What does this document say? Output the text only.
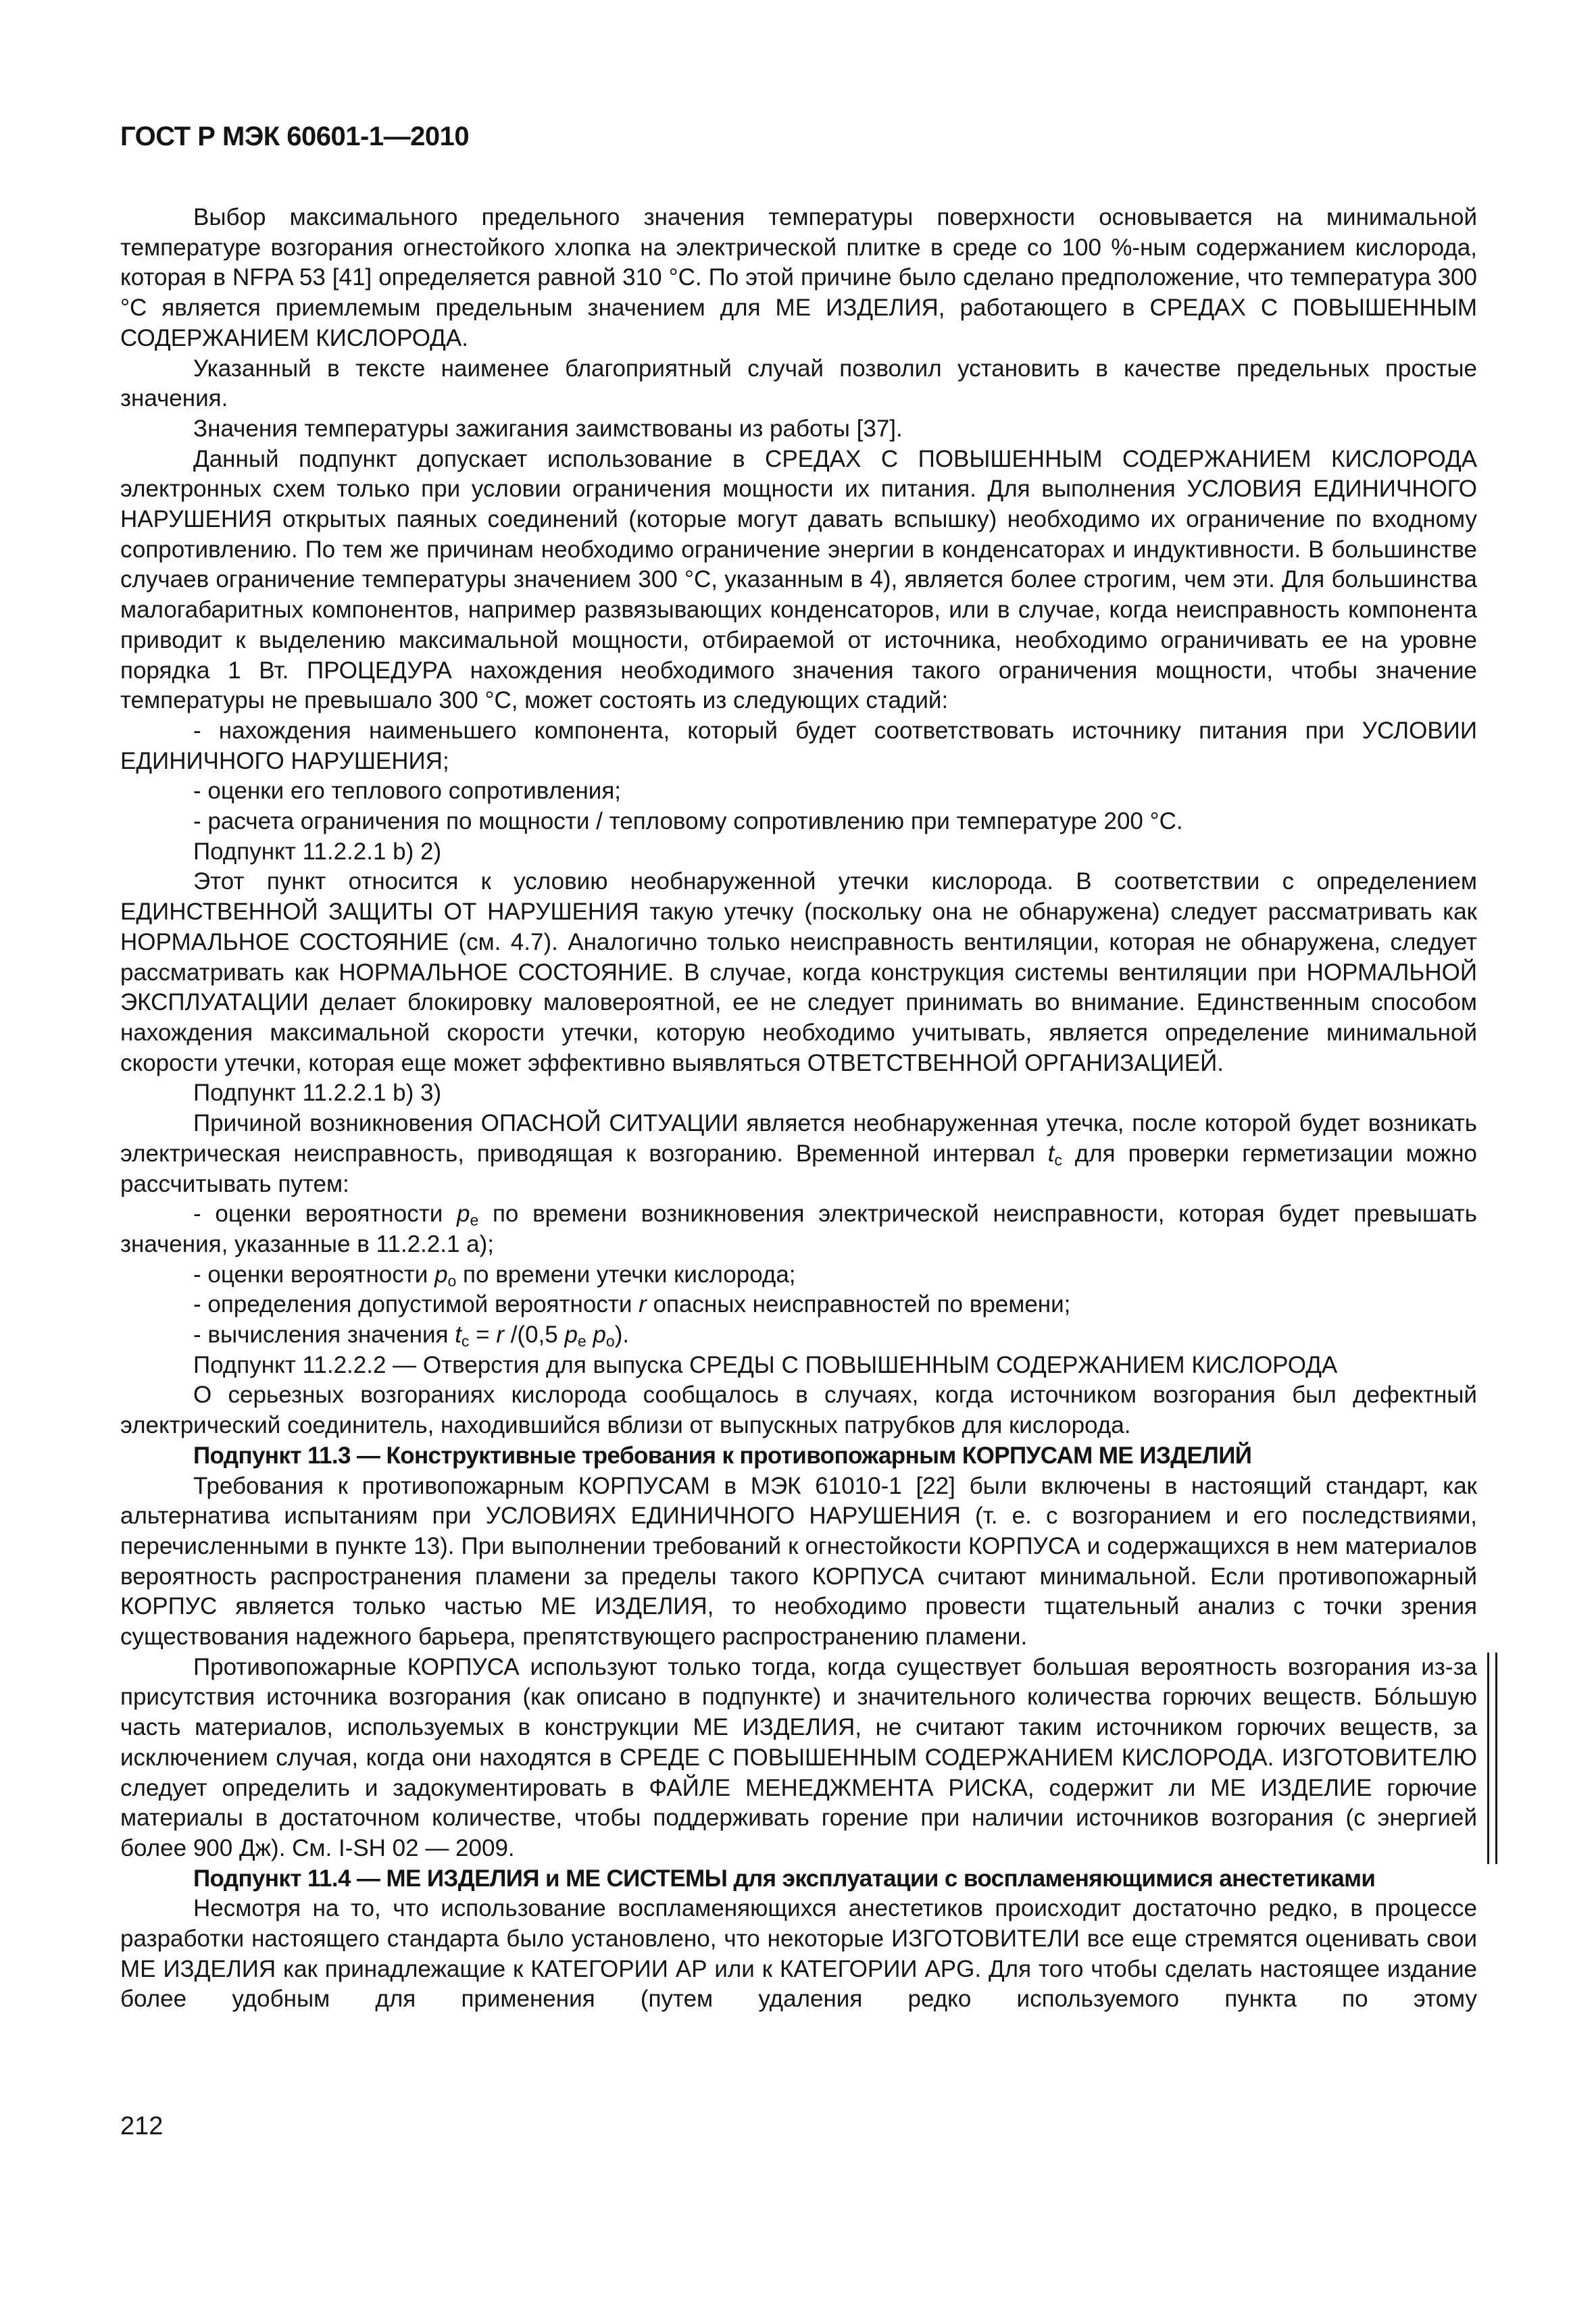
ГОСТ Р МЭК 60601-1—2010

Выбор максимального предельного значения температуры поверхности основывается на минимальной температуре возгорания огнестойкого хлопка на электрической плитке в среде со 100 %-ным содержанием кислорода, которая в NFPA 53 [41] определяется равной 310 °С. По этой причине было сделано предположение, что температура 300 °С является приемлемым предельным значением для МЕ ИЗДЕЛИЯ, работающего в СРЕДАХ С ПОВЫШЕННЫМ СОДЕРЖАНИЕМ КИСЛОРОДА.

Указанный в тексте наименее благоприятный случай позволил установить в качестве предельных простые значения.

Значения температуры зажигания заимствованы из работы [37].

Данный подпункт допускает использование в СРЕДАХ С ПОВЫШЕННЫМ СОДЕРЖАНИЕМ КИСЛОРОДА электронных схем только при условии ограничения мощности их питания. Для выполнения УСЛОВИЯ ЕДИНИЧНОГО НАРУШЕНИЯ открытых паяных соединений (которые могут давать вспышку) необходимо их ограничение по входному сопротивлению. По тем же причинам необходимо ограничение энергии в конденсаторах и индуктивности. В большинстве случаев ограничение температуры значением 300 °С, указанным в 4), является более строгим, чем эти. Для большинства малогабаритных компонентов, например развязывающих конденсаторов, или в случае, когда неисправность компонента приводит к выделению максимальной мощности, отбираемой от источника, необходимо ограничивать ее на уровне порядка 1 Вт. ПРОЦЕДУРА нахождения необходимого значения такого ограничения мощности, чтобы значение температуры не превышало 300 °С, может состоять из следующих стадий:

- нахождения наименьшего компонента, который будет соответствовать источнику питания при УСЛОВИИ ЕДИНИЧНОГО НАРУШЕНИЯ;

- оценки его теплового сопротивления;

- расчета ограничения по мощности / тепловому сопротивлению при температуре 200 °С.

Подпункт 11.2.2.1 b) 2)

Этот пункт относится к условию необнаруженной утечки кислорода. В соответствии с определением ЕДИНСТВЕННОЙ ЗАЩИТЫ ОТ НАРУШЕНИЯ такую утечку (поскольку она не обнаружена) следует рассматривать как НОРМАЛЬНОЕ СОСТОЯНИЕ (см. 4.7). Аналогично только неисправность вентиляции, которая не обнаружена, следует рассматривать как НОРМАЛЬНОЕ СОСТОЯНИЕ. В случае, когда конструкция системы вентиляции при НОРМАЛЬНОЙ ЭКСПЛУАТАЦИИ делает блокировку маловероятной, ее не следует принимать во внимание. Единственным способом нахождения максимальной скорости утечки, которую необходимо учитывать, является определение минимальной скорости утечки, которая еще может эффективно выявляться ОТВЕТСТВЕННОЙ ОРГАНИЗАЦИЕЙ.

Подпункт 11.2.2.1 b) 3)

Причиной возникновения ОПАСНОЙ СИТУАЦИИ является необнаруженная утечка, после которой будет возникать электрическая неисправность, приводящая к возгоранию. Временной интервал $t_c$ для проверки герметизации можно рассчитывать путем:

- оценки вероятности $p_e$ по времени возникновения электрической неисправности, которая будет превышать значения, указанные в 11.2.2.1 а);

- оценки вероятности $p_o$ по времени утечки кислорода;

- определения допустимой вероятности r опасных неисправностей по времени;

- вычисления значения $t_c = r$ /(0,5 $p_e$ $p_o$).

Подпункт 11.2.2.2 — Отверстия для выпуска СРЕДЫ С ПОВЫШЕННЫМ СОДЕРЖАНИЕМ КИСЛОРОДА

О серьезных возгораниях кислорода сообщалось в случаях, когда источником возгорания был дефектный электрический соединитель, находившийся вблизи от выпускных патрубков для кислорода.

Подпункт 11.3 — Конструктивные требования к противопожарным КОРПУСАМ МЕ ИЗДЕЛИЙ

Требования к противопожарным КОРПУСАМ в МЭК 61010-1 [22] были включены в настоящий стандарт, как альтернатива испытаниям при УСЛОВИЯХ ЕДИНИЧНОГО НАРУШЕНИЯ (т. е. с возгоранием и его последствиями, перечисленными в пункте 13). При выполнении требований к огнестойкости КОРПУСА и содержащихся в нем материалов вероятность распространения пламени за пределы такого КОРПУСА считают минимальной. Если противопожарный КОРПУС является только частью МЕ ИЗДЕЛИЯ, то необходимо провести тщательный анализ с точки зрения существования надежного барьера, препятствующего распространению пламени.

Противопожарные КОРПУСА используют только тогда, когда существует большая вероятность возгорания из-за присутствия источника возгорания (как описано в подпункте) и значительного количества горючих веществ. Бóльшую часть материалов, используемых в конструкции МЕ ИЗДЕЛИЯ, не считают таким источником горючих веществ, за исключением случая, когда они находятся в СРЕДЕ С ПОВЫШЕННЫМ СОДЕРЖАНИЕМ КИСЛОРОДА. ИЗГОТОВИТЕЛЮ следует определить и задокументировать в ФАЙЛЕ МЕНЕДЖМЕНТА РИСКА, содержит ли МЕ ИЗДЕЛИЕ горючие материалы в достаточном количестве, чтобы поддерживать горение при наличии источников возгорания (с энергией более 900 Дж). См. I-SH 02 — 2009.

Подпункт 11.4 — МЕ ИЗДЕЛИЯ и МЕ СИСТЕМЫ для эксплуатации с воспламеняющимися анестетиками

Несмотря на то, что использование воспламеняющихся анестетиков происходит достаточно редко, в процессе разработки настоящего стандарта было установлено, что некоторые ИЗГОТОВИТЕЛИ все еще стремятся оценивать свои МЕ ИЗДЕЛИЯ как принадлежащие к КАТЕГОРИИ АР или к КАТЕГОРИИ APG. Для того чтобы сделать настоящее издание более удобным для применения (путем удаления редко используемого пункта по этому

212
